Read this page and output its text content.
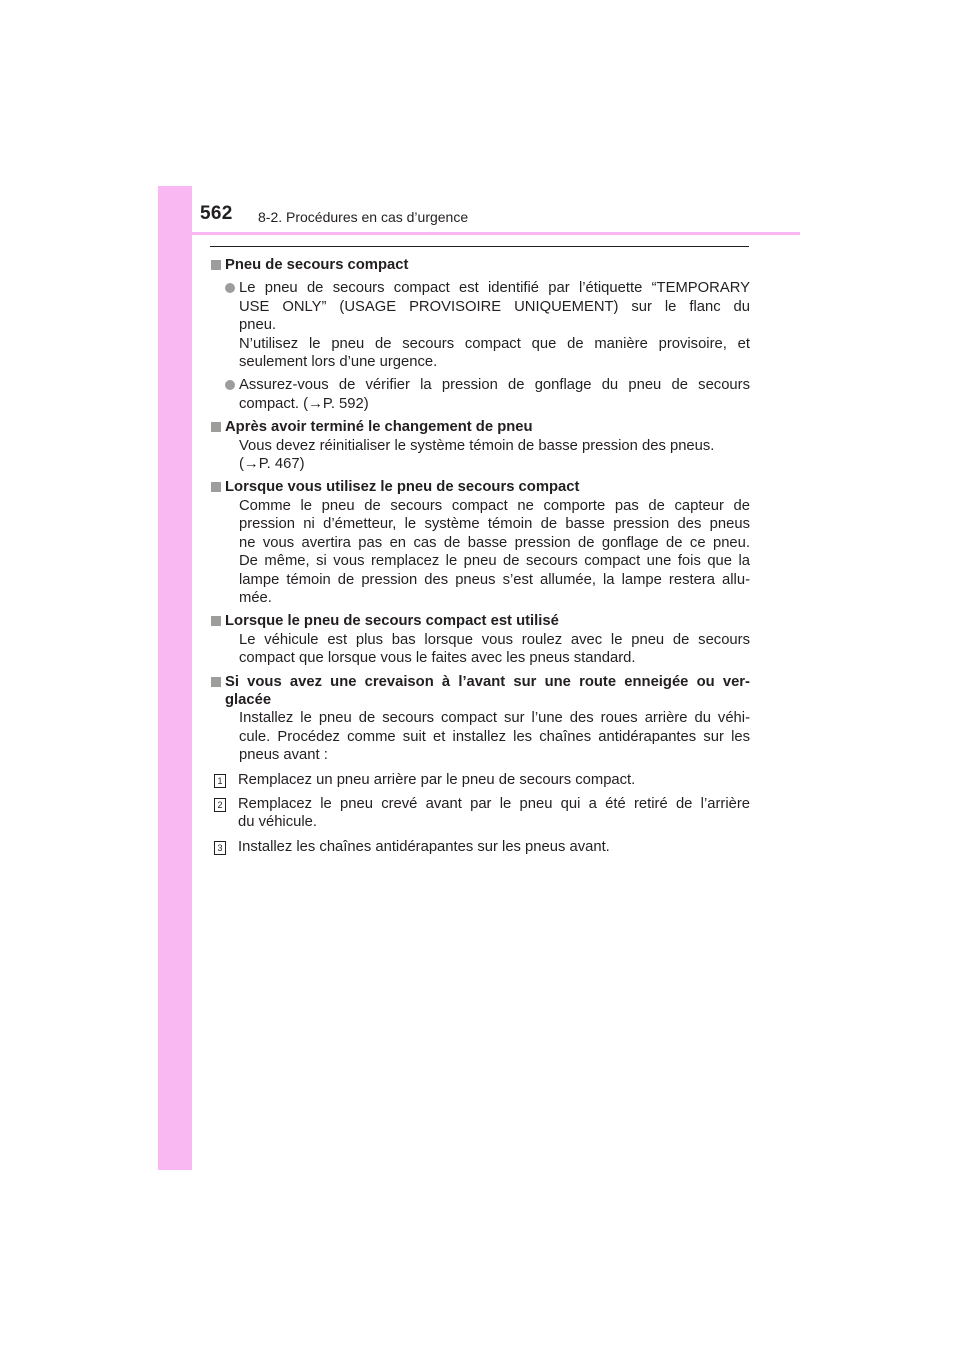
562 8-2. Procédures en cas d’urgence
Pneu de secours compact
Le pneu de secours compact est identifié par l’étiquette “TEMPORARY
USE ONLY” (USAGE PROVISOIRE UNIQUEMENT) sur le flanc du
pneu.
N’utilisez le pneu de secours compact que de manière provisoire, et
seulement lors d’une urgence.
Assurez-vous de vérifier la pression de gonflage du pneu de secours
compact. (→P. 592)
Après avoir terminé le changement de pneu
Vous devez réinitialiser le système témoin de basse pression des pneus.
(→P. 467)
Lorsque vous utilisez le pneu de secours compact
Comme le pneu de secours compact ne comporte pas de capteur de
pression ni d’émetteur, le système témoin de basse pression des pneus
ne vous avertira pas en cas de basse pression de gonflage de ce pneu.
De même, si vous remplacez le pneu de secours compact une fois que la
lampe témoin de pression des pneus s’est allumée, la lampe restera allu-
mée.
Lorsque le pneu de secours compact est utilisé
Le véhicule est plus bas lorsque vous roulez avec le pneu de secours
compact que lorsque vous le faites avec les pneus standard.
Si vous avez une crevaison à l’avant sur une route enneigée ou ver-
glacée
Installez le pneu de secours compact sur l’une des roues arrière du véhi-
cule. Procédez comme suit et installez les chaînes antidérapantes sur les
pneus avant :
1 Remplacez un pneu arrière par le pneu de secours compact.
2 Remplacez le pneu crevé avant par le pneu qui a été retiré de l’arrière
du véhicule.
3 Installez les chaînes antidérapantes sur les pneus avant.
